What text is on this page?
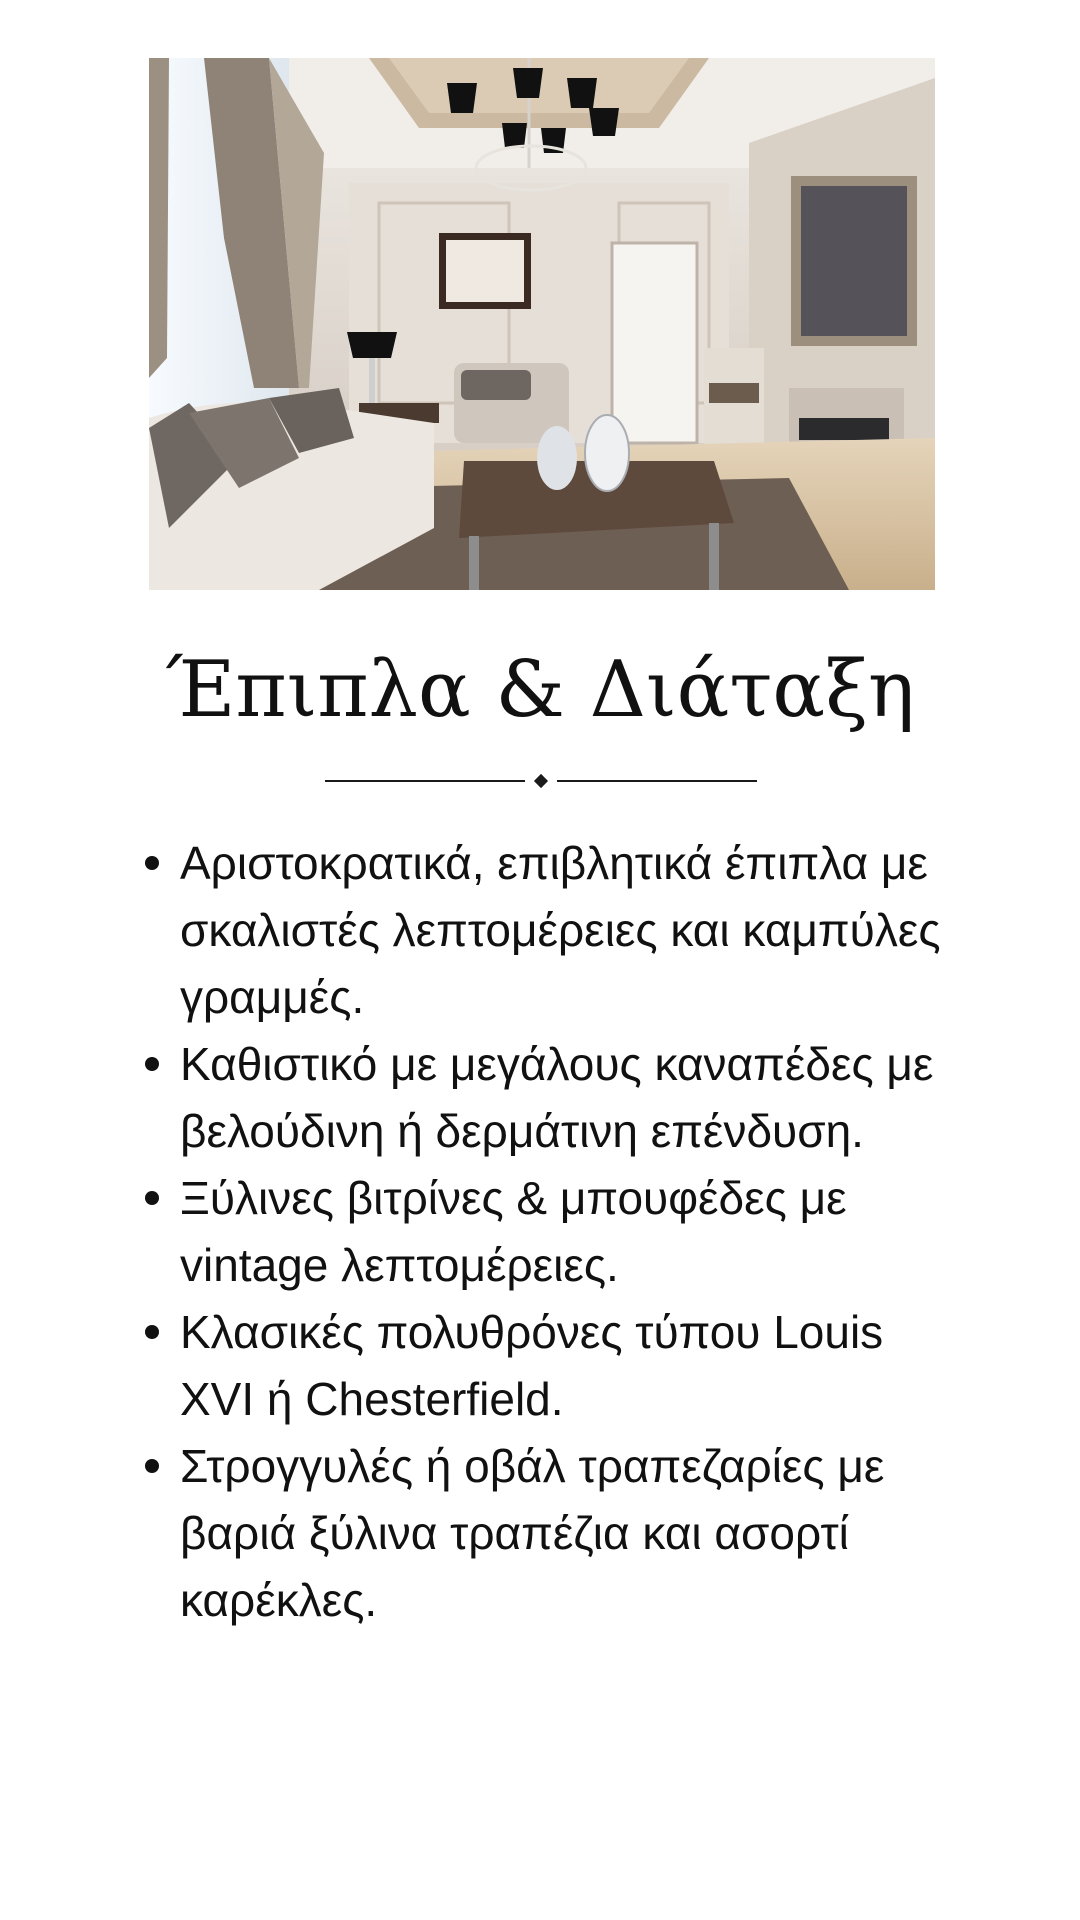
Έπιπλα & Διάταξη
Αριστοκρατικά, επιβλητικά έπιπλα με σκαλιστές λεπτομέρειες και καμπύλες γραμμές.
Καθιστικό με μεγάλους καναπέδες με βελούδινη ή δερμάτινη επένδυση.
Ξύλινες βιτρίνες & μπουφέδες με vintage λεπτομέρειες.
Κλασικές πολυθρόνες τύπου Louis XVI ή Chesterfield.
Στρογγυλές ή οβάλ τραπεζαρίες με βαριά ξύλινα τραπέζια και ασορτί καρέκλες.
